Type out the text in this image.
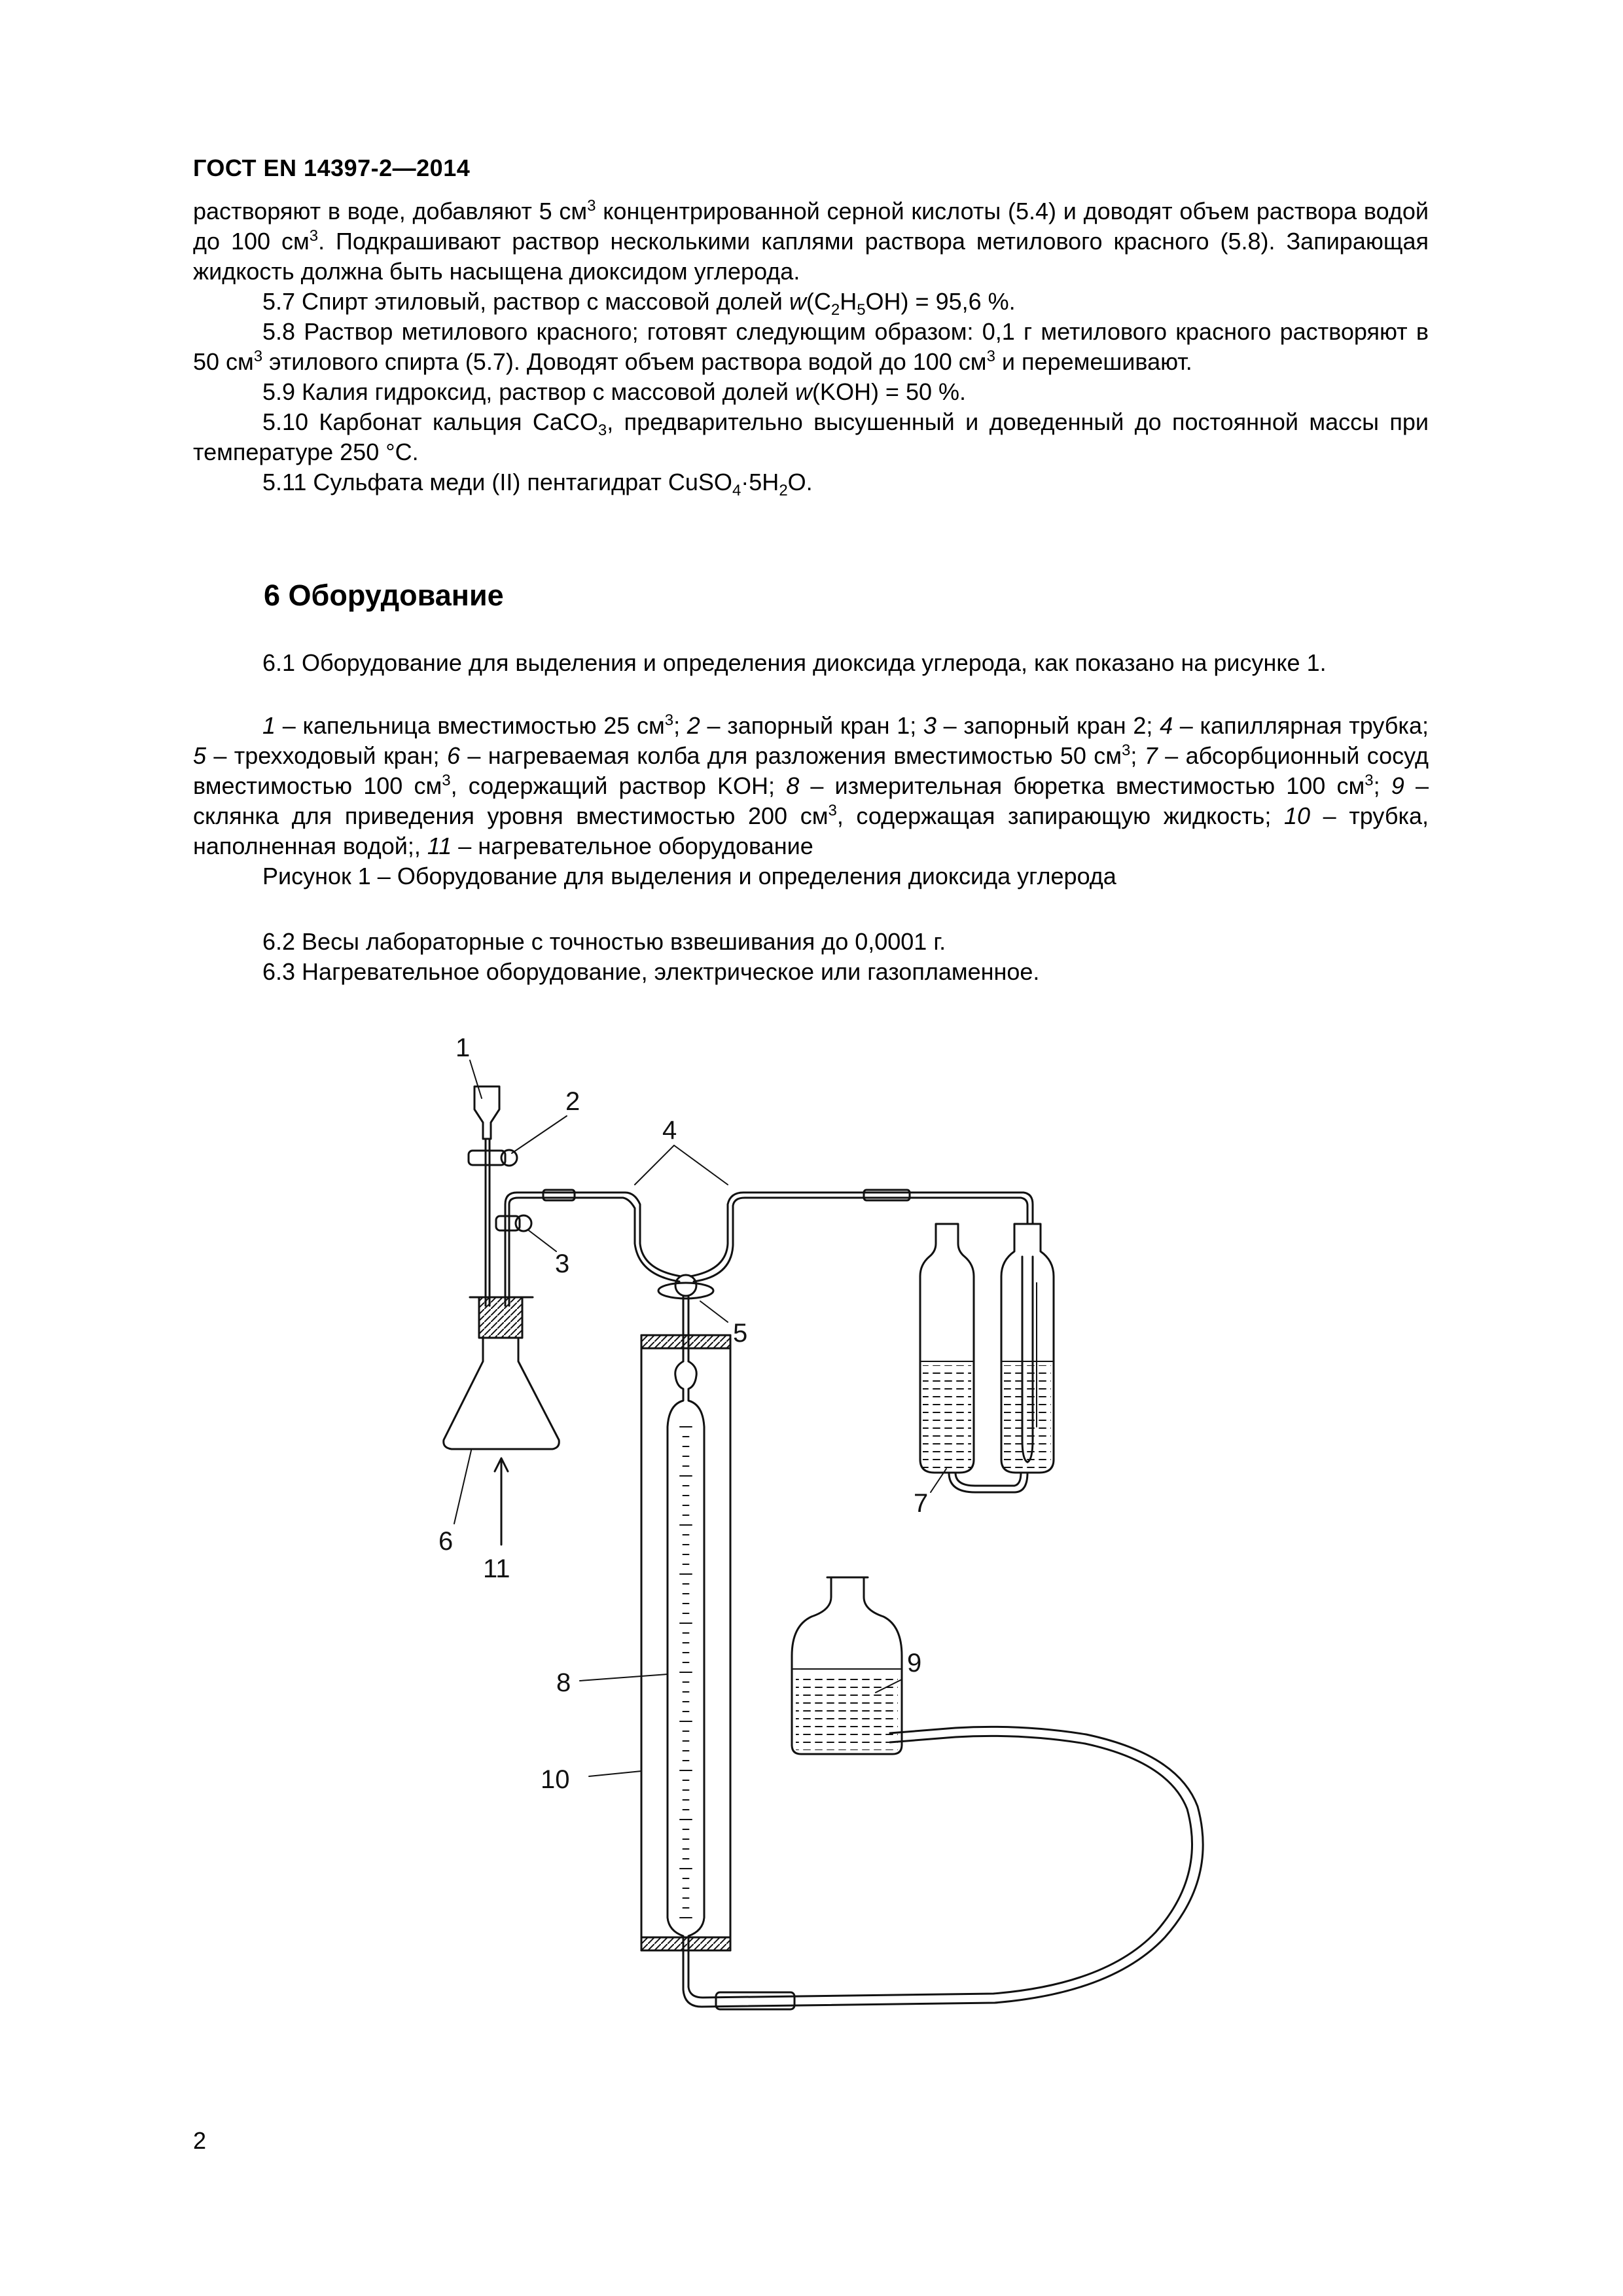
ГОСТ EN 14397-2—2014

растворяют в воде, добавляют 5 $см^3$ концентрированной серной кислоты (5.4) и доводят объем раствора водой до 100 $см^3$. Подкрашивают раствор несколькими каплями раствора метилового красного (5.8). Запирающая жидкость должна быть насыщена диоксидом углерода.

5.7 Спирт этиловый, раствор с массовой долей $w(C_2H_5OH) = 95,6$ %.

5.8 Раствор метилового красного; готовят следующим образом: 0,1 г метилового красного растворяют в 50 $см^3$ этилового спирта (5.7). Доводят объем раствора водой до 100 $см^3$ и перемешивают.

5.9 Калия гидроксид, раствор с массовой долей w(KOH) = 50 %.

5.10 Карбонат кальция CaCO$_3$, предварительно высушенный и доведенный до постоянной массы при температуре 250 °C.

5.11 Сульфата меди (II) пентагидрат $CuSO_4\cdot 5H_2O$.

6 Оборудование

6.1 Оборудование для выделения и определения диоксида углерода, как показано на рисунке 1.

1 – капельница вместимостью 25 $см^3$; 2 – запорный кран 1; 3 – запорный кран 2; 4 – капиллярная трубка; 5 – трехходовый кран; 6 – нагреваемая колба для разложения вместимостью 50 $см^3$; 7 – абсорбционный сосуд вместимостью 100 $см^3$, содержащий раствор KOH; 8 – измерительная бюретка вместимостью 100 $см^3$; 9 – склянка для приведения уровня вместимостью 200 $см^3$, содержащая запирающую жидкость; 10 – трубка, наполненная водой;, 11 – нагревательное оборудование

Рисунок 1 – Оборудование для выделения и определения диоксида углерода

6.2 Весы лабораторные с точностью взвешивания до 0,0001 г.

6.3 Нагревательное оборудование, электрическое или газопламенное.

1
2
3
4
5
6
7
8
9
10
11
2
